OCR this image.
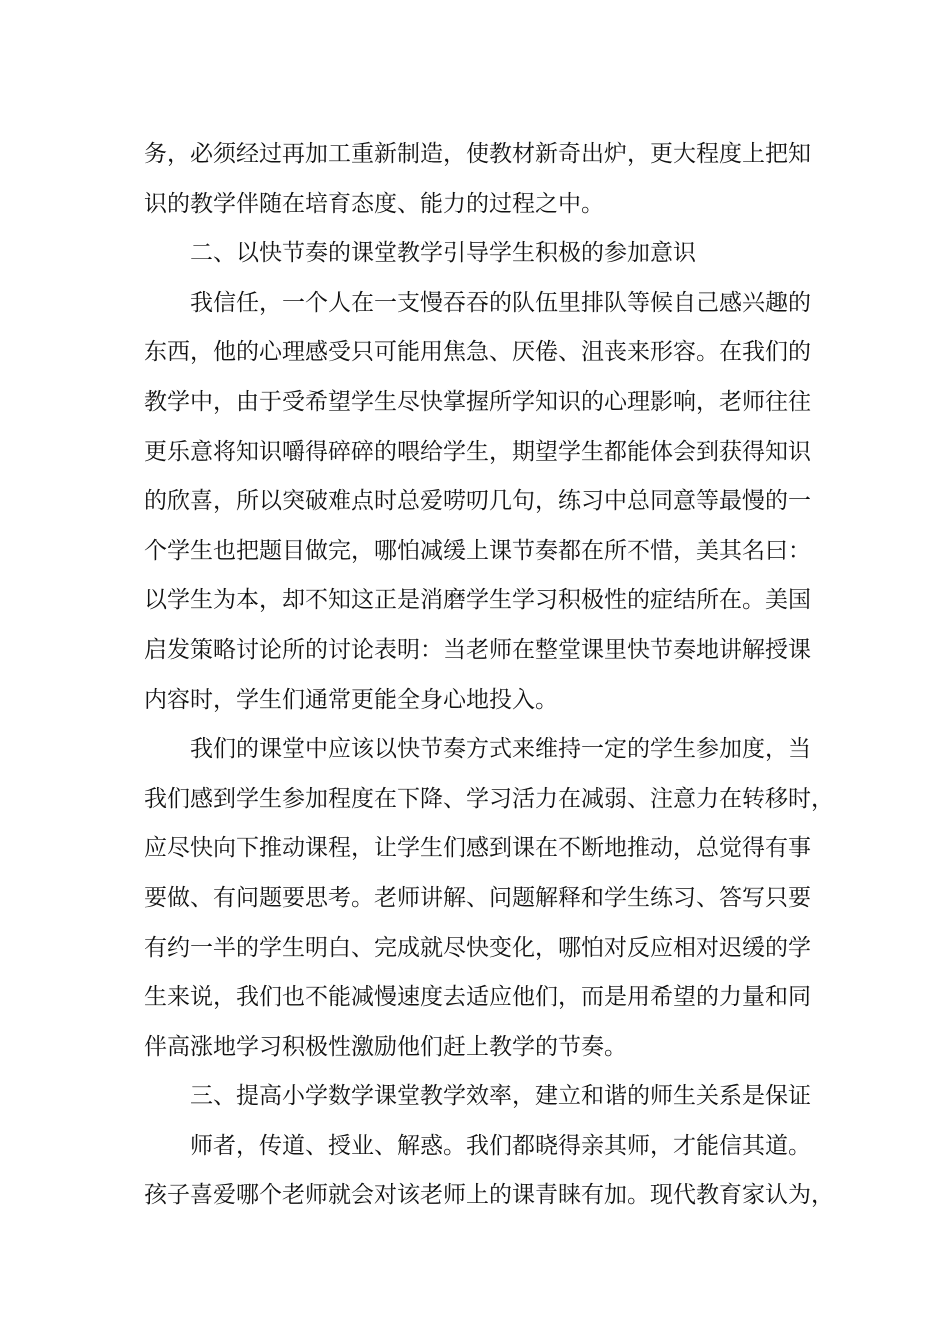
务，必须经过再加工重新制造，使教材新奇出炉，更大程度上把知

识的教学伴随在培育态度、能力的过程之中。

二、以快节奏的课堂教学引导学生积极的参加意识

我信任，一个人在一支慢吞吞的队伍里排队等候自己感兴趣的

东西，他的心理感受只可能用焦急、厌倦、沮丧来形容。在我们的

教学中，由于受希望学生尽快掌握所学知识的心理影响，老师往往

更乐意将知识嚼得碎碎的喂给学生，期望学生都能体会到获得知识

的欣喜，所以突破难点时总爱唠叨几句，练习中总同意等最慢的一

个学生也把题目做完，哪怕减缓上课节奏都在所不惜，美其名曰：

以学生为本，却不知这正是消磨学生学习积极性的症结所在。美国

启发策略讨论所的讨论表明：当老师在整堂课里快节奏地讲解授课

内容时，学生们通常更能全身心地投入。

我们的课堂中应该以快节奏方式来维持一定的学生参加度，当

我们感到学生参加程度在下降、学习活力在减弱、注意力在转移时，

应尽快向下推动课程，让学生们感到课在不断地推动，总觉得有事

要做、有问题要思考。老师讲解、问题解释和学生练习、答写只要

有约一半的学生明白、完成就尽快变化，哪怕对反应相对迟缓的学

生来说，我们也不能减慢速度去适应他们，而是用希望的力量和同

伴高涨地学习积极性激励他们赶上教学的节奏。

三、提高小学数学课堂教学效率，建立和谐的师生关系是保证

师者，传道、授业、解惑。我们都晓得亲其师，才能信其道。

孩子喜爱哪个老师就会对该老师上的课青睐有加。现代教育家认为，
